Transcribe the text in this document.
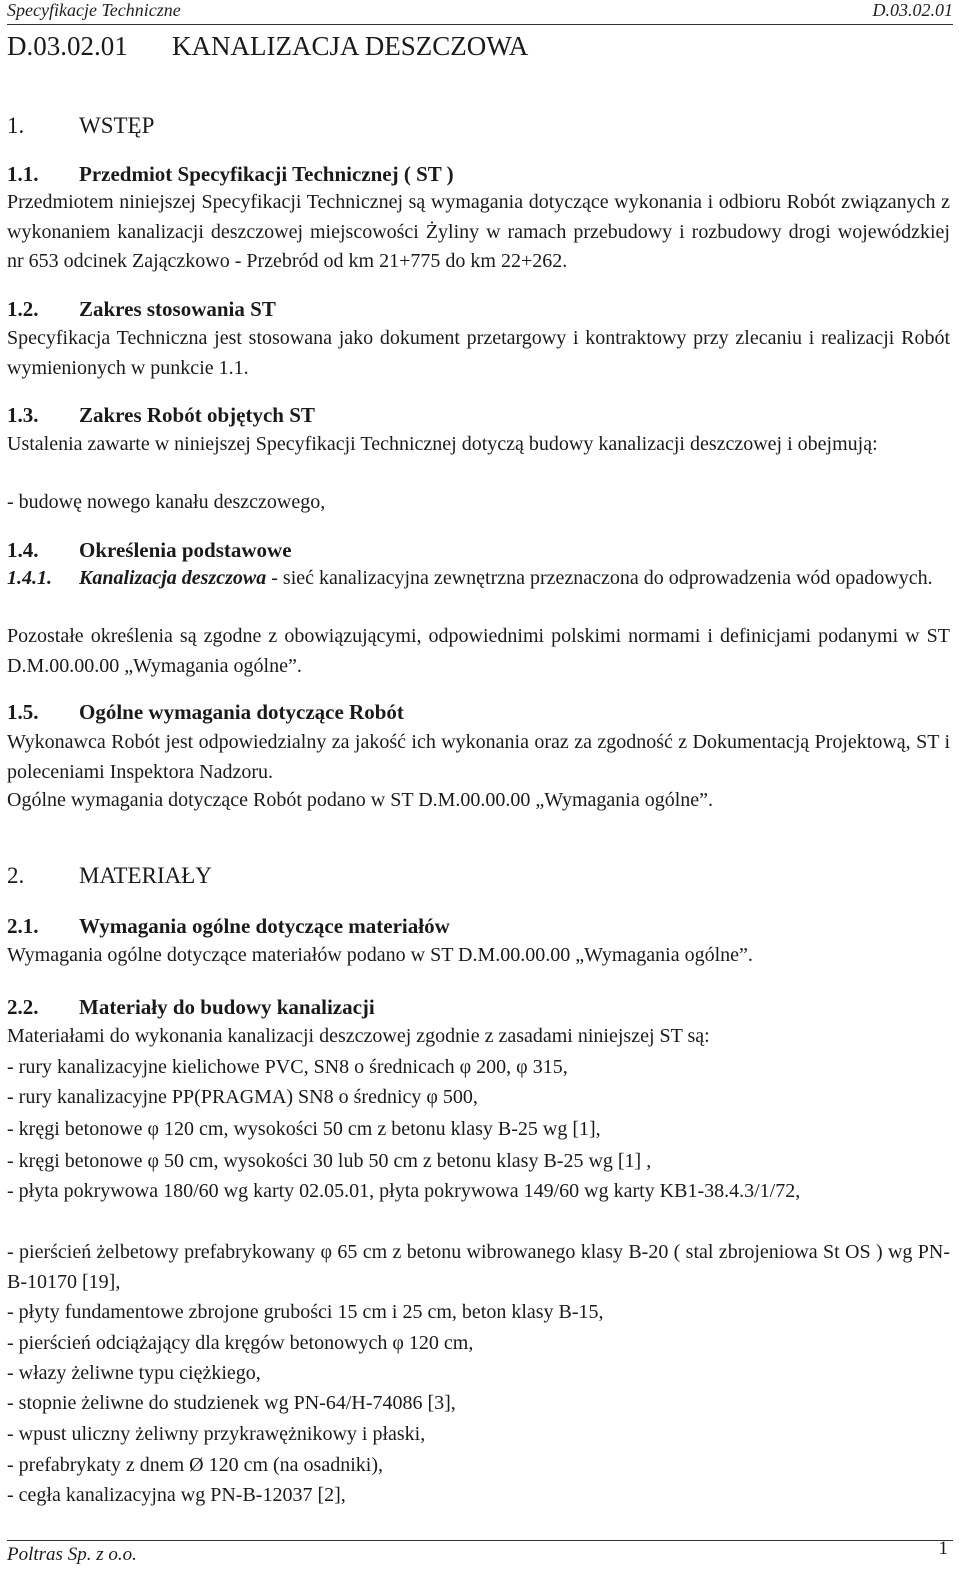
Specyfikacje Techniczne	D.03.02.01
D.03.02.01 KANALIZACJA DESZCZOWA
1. WSTĘP
1.1. Przedmiot Specyfikacji Technicznej ( ST )
Przedmiotem niniejszej Specyfikacji Technicznej są wymagania dotyczące wykonania i odbioru Robót związanych z wykonaniem kanalizacji deszczowej miejscowości Żyliny w ramach przebudowy i rozbudowy drogi wojewódzkiej nr 653 odcinek Zajączkowo - Przebród od km 21+775 do km 22+262.
1.2. Zakres stosowania ST
Specyfikacja Techniczna jest stosowana jako dokument przetargowy i kontraktowy przy zlecaniu i realizacji Robót wymienionych w punkcie 1.1.
1.3. Zakres Robót objętych ST
Ustalenia zawarte w niniejszej Specyfikacji Technicznej dotyczą budowy kanalizacji deszczowej i obejmują:
- budowę nowego kanału deszczowego,
1.4. Określenia podstawowe
1.4.1.	Kanalizacja deszczowa - sieć kanalizacyjna zewnętrzna przeznaczona do odprowadzenia wód opadowych.
Pozostałe określenia są zgodne z obowiązującymi, odpowiednimi polskimi normami i definicjami podanymi w ST D.M.00.00.00 „Wymagania ogólne”.
1.5. Ogólne wymagania dotyczące Robót
Wykonawca Robót jest odpowiedzialny za jakość ich wykonania oraz za zgodność z Dokumentacją Projektową, ST i poleceniami Inspektora Nadzoru.
Ogólne wymagania dotyczące Robót podano w ST D.M.00.00.00 „Wymagania ogólne”.
2. MATERIAŁY
2.1. Wymagania ogólne dotyczące materiałów
Wymagania ogólne dotyczące materiałów podano w ST D.M.00.00.00 „Wymagania ogólne”.
2.2. Materiały do budowy kanalizacji
Materiałami do wykonania kanalizacji deszczowej zgodnie z zasadami niniejszej ST są:
- rury kanalizacyjne kielichowe PVC, SN8 o średnicach φ 200, φ 315,
- rury kanalizacyjne PP(PRAGMA) SN8 o średnicy φ 500,
- kręgi betonowe φ 120 cm, wysokości 50 cm z betonu klasy B-25 wg [1],
- kręgi betonowe φ 50 cm, wysokości 30 lub 50 cm z betonu klasy B-25 wg [1] ,
- płyta pokrywowa 180/60 wg karty 02.05.01, płyta pokrywowa 149/60 wg karty KB1-38.4.3/1/72,
- pierścień żelbetowy prefabrykowany φ 65 cm z betonu wibrowanego klasy B-20 ( stal zbrojeniowa St OS ) wg PN-B-10170 [19],
- płyty fundamentowe zbrojone grubości 15 cm i 25 cm, beton klasy B-15,
- pierścień odciążający dla kręgów betonowych φ 120 cm,
- włazy żeliwne typu ciężkiego,
- stopnie żeliwne do studzienek wg PN-64/H-74086 [3],
- wpust uliczny żeliwny przykrawężnikowy i płaski,
- prefabrykaty z dnem Ø 120 cm (na osadniki),
- cegła kanalizacyjna wg PN-B-12037 [2],
Poltras Sp. z o.o.	1
